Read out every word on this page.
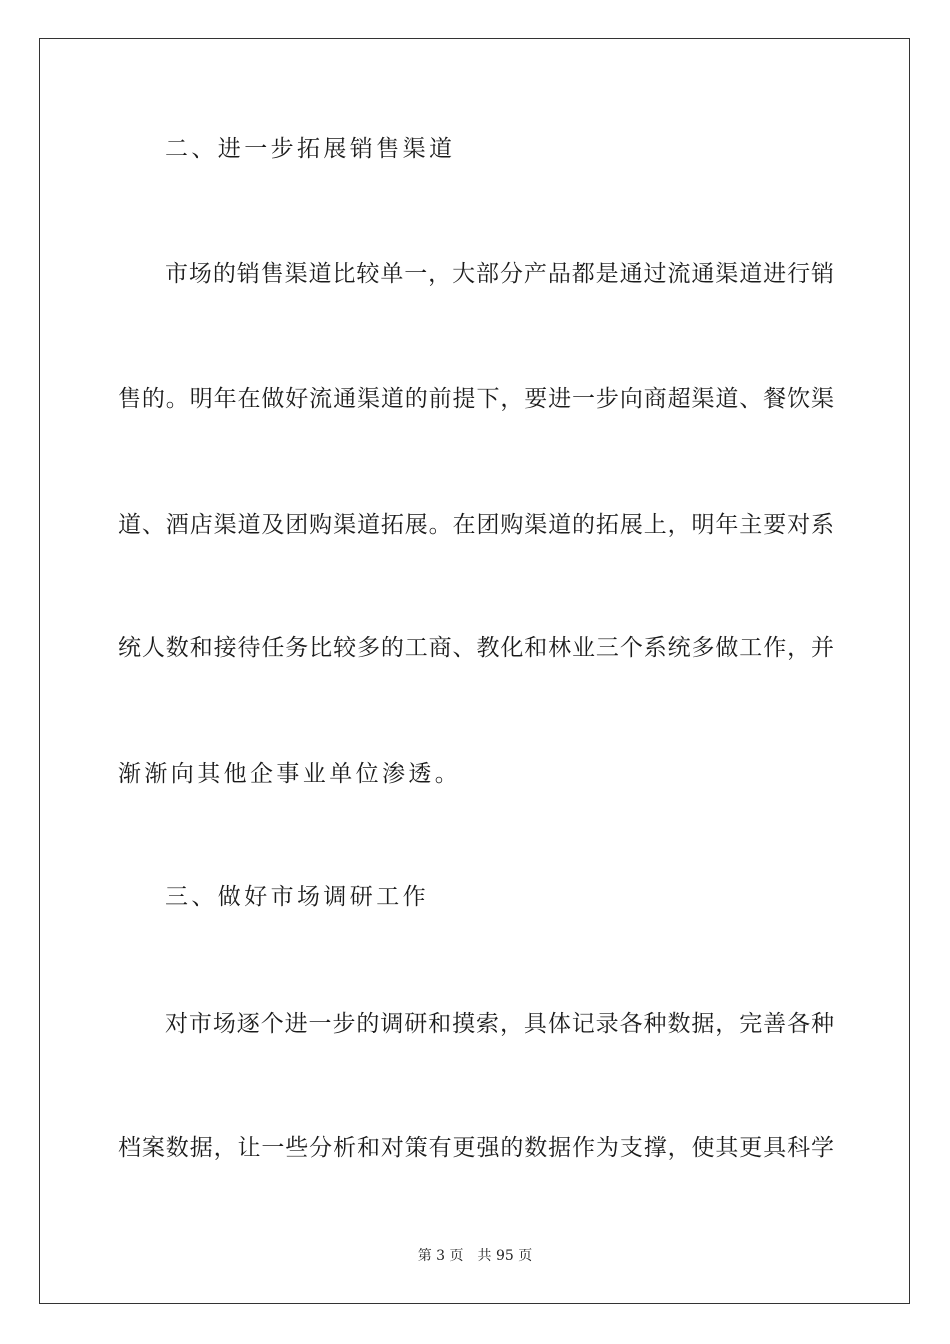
二、进一步拓展销售渠道
市场的销售渠道比较单一，大部分产品都是通过流通渠道进行销
售的。明年在做好流通渠道的前提下，要进一步向商超渠道、餐饮渠
道、酒店渠道及团购渠道拓展。在团购渠道的拓展上，明年主要对系
统人数和接待任务比较多的工商、教化和林业三个系统多做工作，并
渐渐向其他企事业单位渗透。
三、做好市场调研工作
对市场逐个进一步的调研和摸索，具体记录各种数据，完善各种
档案数据，让一些分析和对策有更强的数据作为支撑，使其更具科学
第 3 页 共 95 页
